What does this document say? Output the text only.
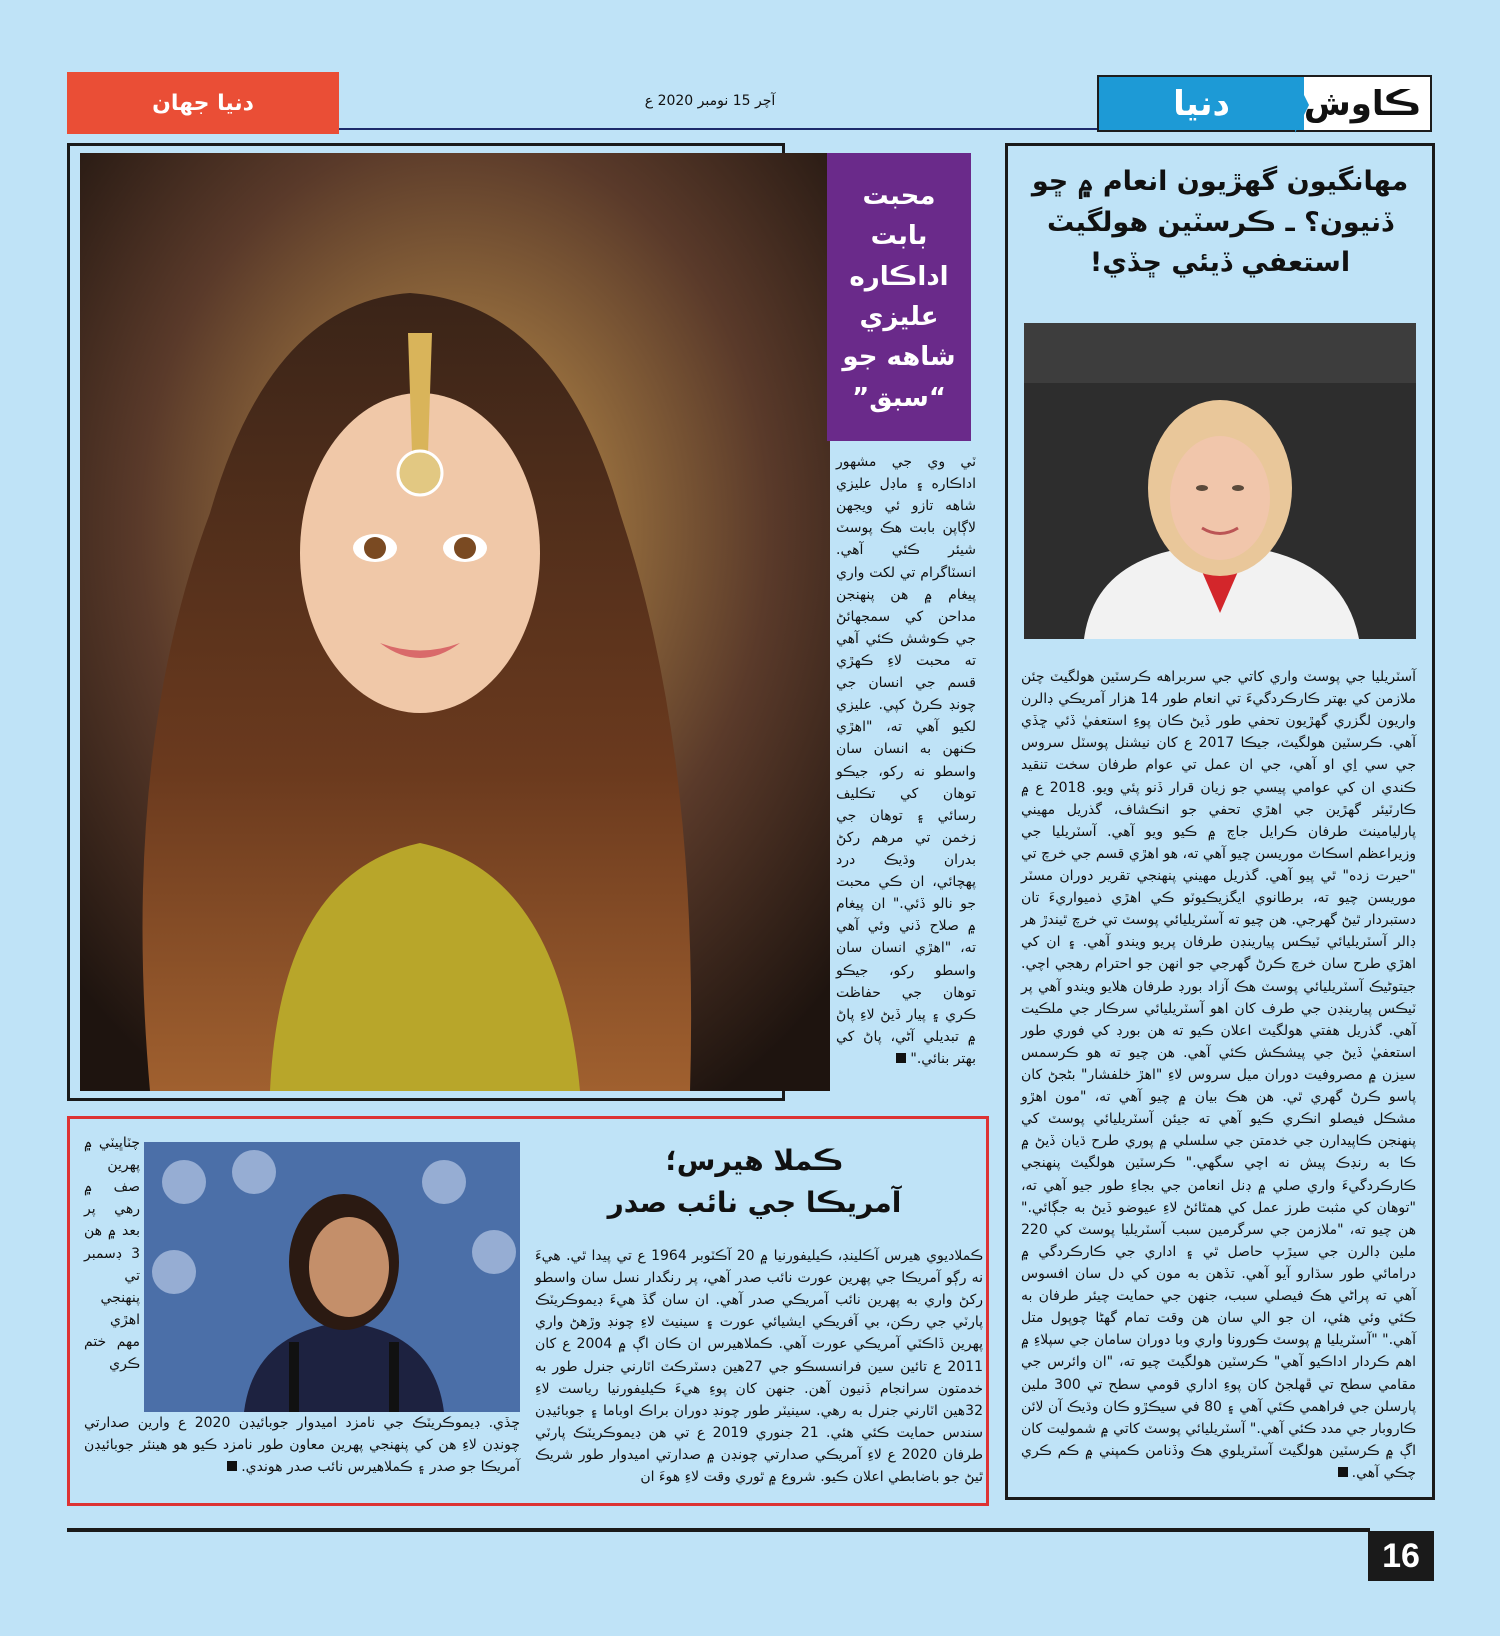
دنيا جهان	آچر 15 نومبر 2020 ع	ڪاوش
دنيا
مهانگيون گهڙيون انعام ۾ ڇو
ڏنيون؟ ـ ڪرسٽين هولگيٽ
استعفي ڏيئي ڇڏي!
آسٽريليا جي پوسٽ واري کاتي جي سربراهه ڪرسٽين هولگيٽ چئن ملازمن کي بهتر ڪارڪردگيءَ تي انعام طور 14 هزار آمريڪي ڊالرن واريون لگزري گهڙيون تحفي طور ڏيڻ ڪان پوءِ استعفيٰ ڏئي ڇڏي آهي. ڪرسٽين هولگيٽ، جيڪا 2017 ع کان نيشنل پوسٽل سروس جي سي اِي او آهي، جي ان عمل تي عوام طرفان سخت تنقيد ڪندي ان کي عوامي پيسي جو زيان قرار ڏنو پئي ويو. 2018 ع ۾ ڪارٽيئر گهڙين جي اهڙي تحفي جو انڪشاف، گذريل مهيني پارليامينٽ طرفان ڪرايل جاچ ۾ ڪيو ويو آهي. آسٽريليا جي وزيراعظم اسڪاٽ موريسن چيو آهي ته، هو اهڙي قسم جي خرچ تي "حيرت زده" ٿي پيو آهي. گذريل مهيني پنهنجي تقرير دوران مسٽر موريسن چيو ته، برطانوي ايگزيڪيوٽو ڪي اهڙي ذميواريءَ تان دستبردار ٿيڻ گهرجي. هن چيو ته آسٽريليائي پوسٽ تي خرچ ٿيندڙ هر ڊالر آسٽريليائي ٽيڪس پيارينڊن طرفان پريو ويندو آهي. ۽ ان کي اهڙي طرح سان خرچ ڪرڻ گهرجي جو انهن جو احترام رهجي اچي. جيتوڻيڪ آسٽريليائي پوسٽ هڪ آزاد بورڊ طرفان هلايو ويندو آهي پر ٽيڪس پيارينڊن جي طرف کان اهو آسٽريليائي سرڪار جي ملڪيت آهي. گذريل هفتي هولگيٽ اعلان ڪيو ته هن بورڊ کي فوري طور استعفيٰ ڏيڻ جي پيشڪش ڪئي آهي. هن چيو ته هو ڪرسمس سيزن ۾ مصروفيت دوران ميل سروس لاءِ "اهڙ خلفشار" بڻجڻ کان پاسو ڪرڻ گهري ٿي. هن هڪ بيان ۾ چيو آهي ته، "مون اهڙو مشڪل فيصلو انڪري ڪيو آهي ته جيئن آسٽريليائي پوسٽ کي پنهنجن ڪاپيدارن جي خدمتن جي سلسلي ۾ پوري طرح ڌيان ڏيڻ ۾ ڪا به رنڊڪ پيش نه اچي سگهي." ڪرسٽين هولگيٽ پنهنجي ڪارڪردگيءَ واري صلي ۾ ڊنل انعامن جي بجاءِ طور جيو آهي ته، "توهان کي مثبت طرز عمل کي همٿائڻ لاءِ عيوضو ڏيڻ به جڳائي." هن چيو ته، "ملازمن جي سرگرمين سبب آسٽريليا پوسٽ کي 220 ملين ڊالرن جي سيڙپ حاصل ٿي ۽ اداري جي ڪارڪردگي ۾ درامائي طور سڌارو آيو آهي. تڏهن به مون کي دل سان افسوس آهي ته پراڻي هڪ فيصلي سبب، جنهن جي حمايت چيئر طرفان به ڪئي وئي هئي، ان جو الي سان هن وقت تمام گهڻا چوپول متل آهي." "آسٽريليا ۾ پوسٽ ڪورونا واري وبا دوران سامان جي سپلاءِ ۾ اهم ڪردار اداڪيو آهي" ڪرسٽين هولگيٽ چيو ته، "ان وائرس جي مقامي سطح تي ڦهلجڻ کان پوءِ اداري قومي سطح تي 300 ملين پارسلن جي فراهمي ڪئي آهي ۽ 80 في سيڪڙو ڪان وڌيڪ آن لائن ڪاروبار جي مدد ڪئي آهي." آسٽريليائي پوسٽ کاتي ۾ شموليت کان اڳ ۾ ڪرسٽين هولگيٽ آسٽريلوي هڪ وڏنامن ڪمپني ۾ ڪم ڪري چڪي آهي.
محبت
بابت
اداڪاره
عليزي
شاهه جو
“سبق”
ٽي وي جي مشهور اداڪاره ۽ ماڊل عليزي شاهه تازو ئي ويجهن لاڳاپن بابت هڪ پوسٽ شيئر ڪئي آهي. انسٽاگرام تي لکت واري پيغام ۾ هن پنهنجن مداحن کي سمجهائڻ جي ڪوشش ڪئي آهي ته محبت لاءِ ڪهڙي قسم جي انسان جي چونڊ ڪرڻ کپي. عليزي لکيو آهي ته، "اهڙي ڪنهن به انسان سان واسطو نه رکو، جيڪو توهان کي تڪليف رسائي ۽ توهان جي زخمن تي مرهم رکڻ بدران وڌيڪ درد پهچائي، ان ڪي محبت جو نالو ڏئي." ان پيغام ۾ صلاح ڏني وئي آهي ته، "اهڙي انسان سان واسطو رکو، جيڪو توهان جي حفاظت ڪري ۽ پيار ڏيڻ لاءِ پاڻ ۾ تبديلي آڻي، پاڻ کي بهتر بنائي."
ڪملا هيرس؛
آمريڪا جي نائب صدر
ڪملاديوي هيرس آڪلينڊ، ڪيليفورنيا ۾ 20 آڪٽوبر 1964 ع تي پيدا ٿي. هيءَ نه رڳو آمريڪا جي پهرين عورت نائب صدر آهي، پر رنگدار نسل سان واسطو رکڻ واري به پهرين نائب آمريڪي صدر آهي. ان سان گڏ هيءَ ڊيموڪريٽڪ پارٽي جي رڪن، بي آفريڪي ايشيائي عورت ۽ سينيٽ لاءِ چونڊ وڙهڻ واري پهرين ڏاڪٽي آمريڪي عورت آهي. ڪملاهيرس ان ڪان اڳ ۾ 2004 ع کان 2011 ع تائين سين فرانسسڪو جي 27هين ڊسٽرڪٽ اٽارني جنرل طور به خدمتون سرانجام ڏنيون آهن. جنهن کان پوءِ هيءَ ڪيليفورنيا رياست لاءِ 32هين اٽارني جنرل به رهي. سينيٽر طور چونڊ دوران براڪ اوباما ۽ جوبائيڊن سندس حمايت ڪئي هئي. 21 جنوري 2019 ع تي هن ڊيموڪريٽڪ پارٽي طرفان 2020 ع لاءِ آمريڪي صدارتي چونڊن ۾ صدارتي اميدوار طور شريڪ ٿيڻ جو باضابطي اعلان ڪيو. شروع ۾ ٿوري وقت لاءِ هوءَ ان
چٽاڀيٽي ۾ پهرين صف ۾ رهي پر بعد ۾ هن 3 ڊسمبر تي پنهنجي اهڙي مهم ختم ڪري
ڇڏي. ڊيموڪريٽڪ جي نامزد اميدوار جوبائيڊن 2020 ع وارين صدارتي چونڊن لاءِ هن کي پنهنجي پهرين معاون طور نامزد ڪيو هو هينئر جوبائيڊن آمريڪا جو صدر ۽ ڪملاهيرس نائب صدر هوندي.
16
